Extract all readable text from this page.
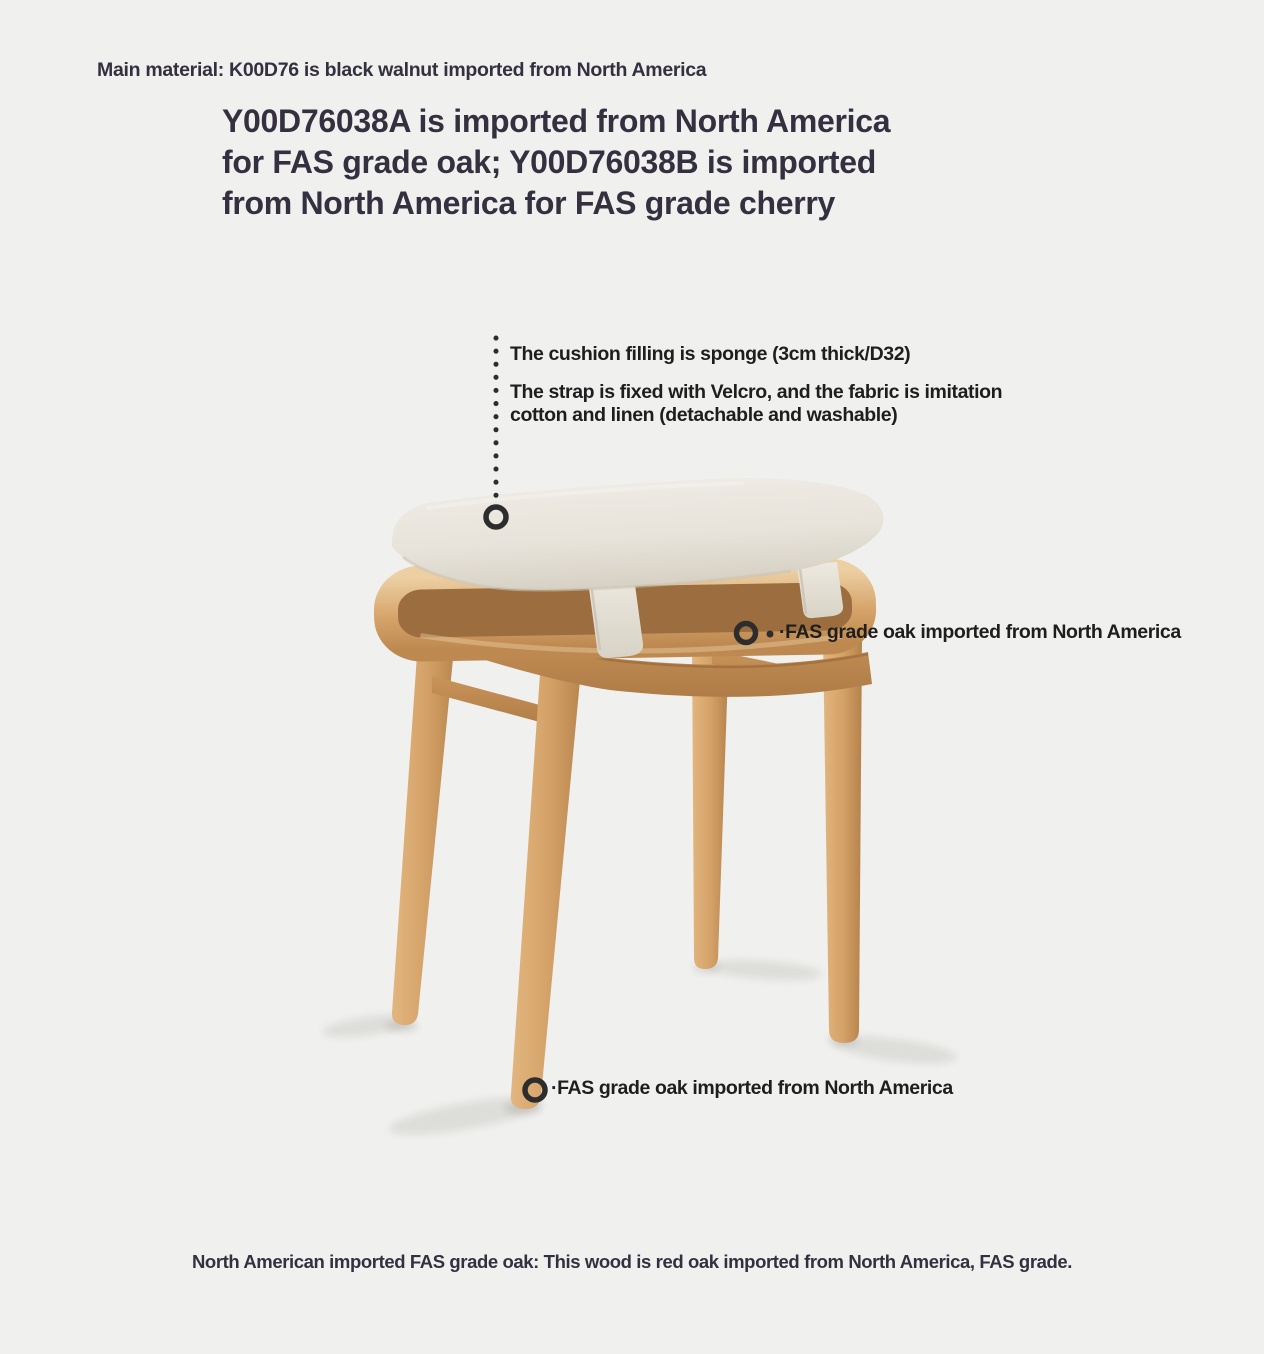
Main material: K00D76 is black walnut imported from North America
Y00D76038A is imported from North America
for FAS grade oak; Y00D76038B is imported
from North America for FAS grade cherry
The cushion filling is sponge (3cm thick/D32)
The strap is fixed with Velcro, and the fabric is imitation
cotton and linen (detachable and washable)
·FAS grade oak imported from North America
·FAS grade oak imported from North America
North American imported FAS grade oak: This wood is red oak imported from North America, FAS grade.
